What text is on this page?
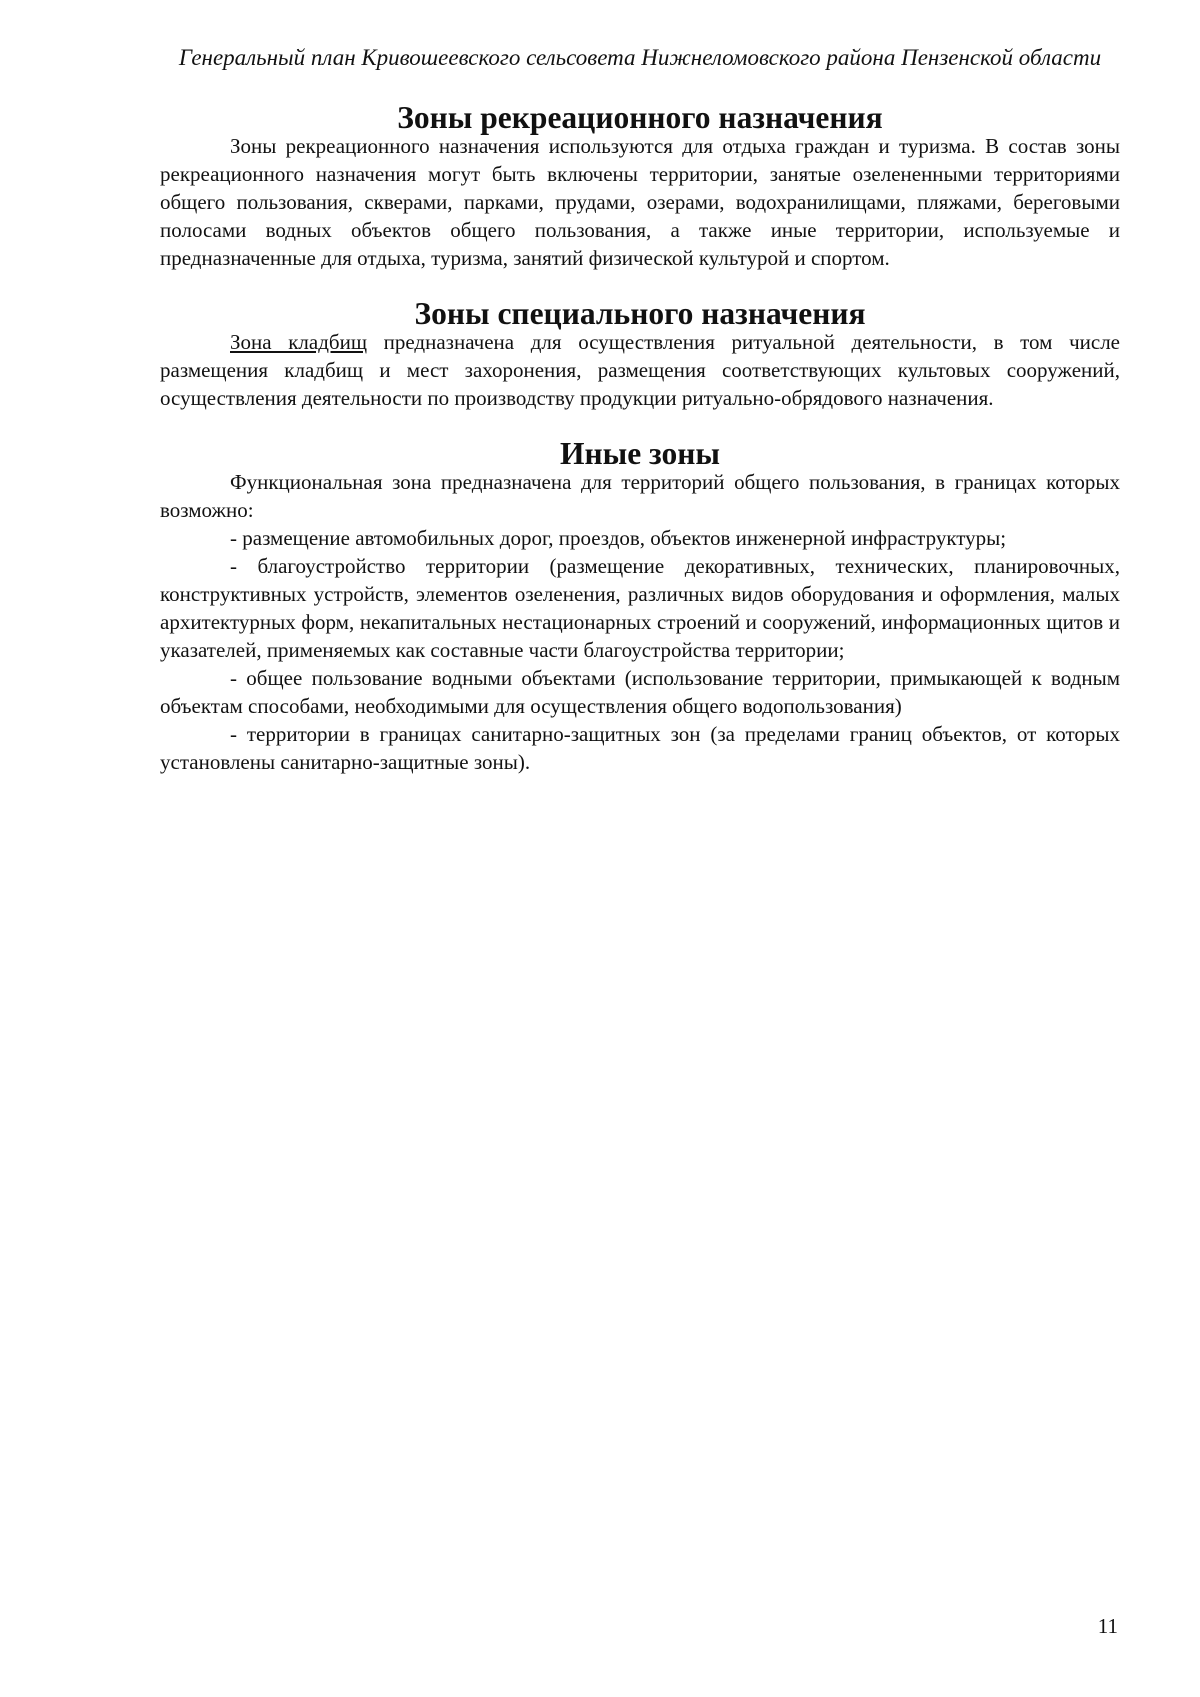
Генеральный план Кривошеевского сельсовета Нижнеломовского района Пензенской области
Зоны рекреационного назначения

Зоны рекреационного назначения используются для отдыха граждан и туризма. В состав зоны рекреационного назначения могут быть включены территории, занятые озелененными территориями общего пользования, скверами, парками, прудами, озерами, водохранилищами, пляжами, береговыми полосами водных объектов общего пользования, а также иные территории, используемые и предназначенные для отдыха, туризма, занятий физической культурой и спортом.

Зоны специального назначения

Зона кладбищ предназначена для осуществления ритуальной деятельности, в том числе размещения кладбищ и мест захоронения, размещения соответствующих культовых сооружений, осуществления деятельности по производству продукции ритуально-обрядового назначения.

Иные зоны

Функциональная зона предназначена для территорий общего пользования, в границах которых возможно:

- размещение автомобильных дорог, проездов, объектов инженерной инфраструктуры;

- благоустройство территории (размещение декоративных, технических, планировочных, конструктивных устройств, элементов озеленения, различных видов оборудования и оформления, малых архитектурных форм, некапитальных нестационарных строений и сооружений, информационных щитов и указателей, применяемых как составные части благоустройства территории;

- общее пользование водными объектами (использование территории, примыкающей к водным объектам способами, необходимыми для осуществления общего водопользования)

- территории в границах санитарно-защитных зон (за пределами границ объектов, от которых установлены санитарно-защитные зоны).

11
